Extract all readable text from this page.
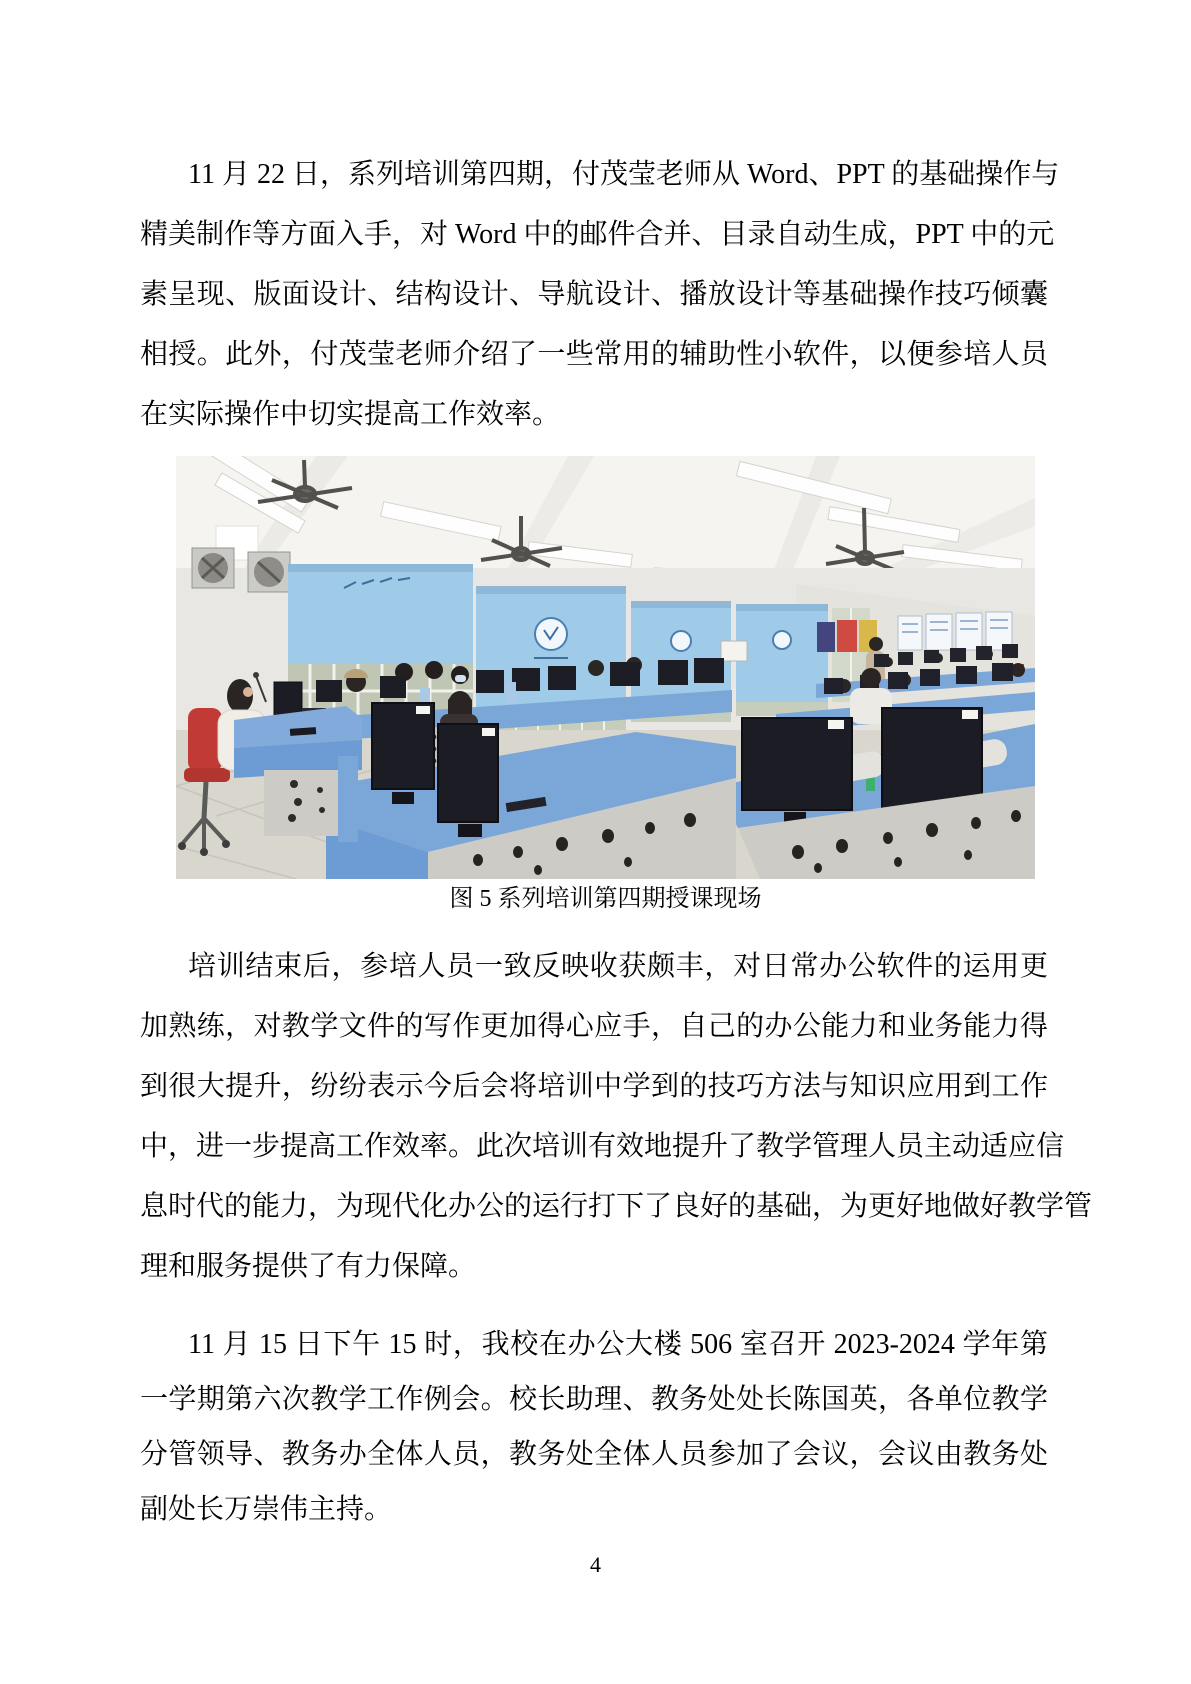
11 月 22 日，系列培训第四期，付茂莹老师从 Word、PPT 的基础操作与
精美制作等方面入手，对 Word 中的邮件合并、目录自动生成，PPT 中的元
素呈现、版面设计、结构设计、导航设计、播放设计等基础操作技巧倾囊
相授。此外，付茂莹老师介绍了一些常用的辅助性小软件，以便参培人员
在实际操作中切实提高工作效率。
图 5 系列培训第四期授课现场
培训结束后，参培人员一致反映收获颇丰，对日常办公软件的运用更
加熟练，对教学文件的写作更加得心应手，自己的办公能力和业务能力得
到很大提升，纷纷表示今后会将培训中学到的技巧方法与知识应用到工作
中，进一步提高工作效率。此次培训有效地提升了教学管理人员主动适应信
息时代的能力，为现代化办公的运行打下了良好的基础，为更好地做好教学管
理和服务提供了有力保障。
11 月 15 日下午 15 时，我校在办公大楼 506 室召开 2023-2024 学年第
一学期第六次教学工作例会。校长助理、教务处处长陈国英，各单位教学
分管领导、教务办全体人员，教务处全体人员参加了会议，会议由教务处
副处长万崇伟主持。
4
